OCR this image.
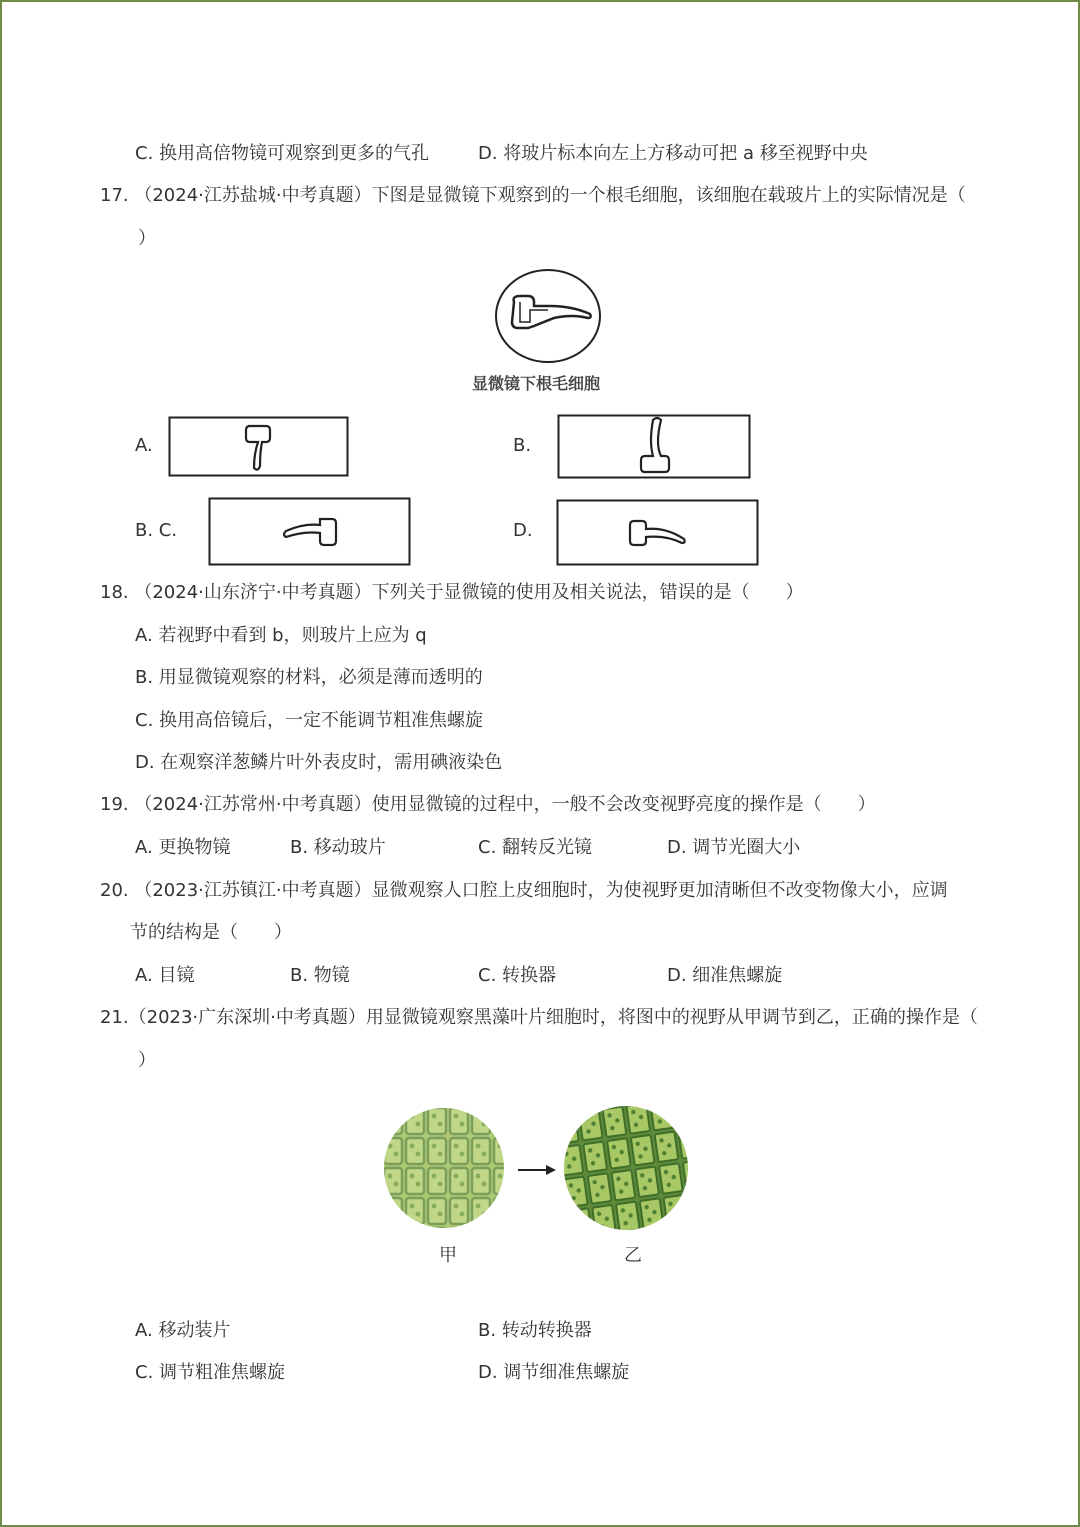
C. 换用高倍物镜可观察到更多的气孔	D. 将玻片标本向左上方移动可把 a 移至视野中央
17. （2024·江苏盐城·中考真题）下图是显微镜下观察到的一个根毛细胞，该细胞在载玻片上的实际情况是（
）
显微镜下根毛细胞
A.	B.
B. C.	D.
18. （2024·山东济宁·中考真题）下列关于显微镜的使用及相关说法，错误的是（　　）
A. 若视野中看到 b，则玻片上应为 q
B. 用显微镜观察的材料，必须是薄而透明的
C. 换用高倍镜后，一定不能调节粗准焦螺旋
D. 在观察洋葱鳞片叶外表皮时，需用碘液染色
19. （2024·江苏常州·中考真题）使用显微镜的过程中，一般不会改变视野亮度的操作是（　　）
A. 更换物镜	B. 移动玻片	C. 翻转反光镜	D. 调节光圈大小
20. （2023·江苏镇江·中考真题）显微观察人口腔上皮细胞时，为使视野更加清晰但不改变物像大小，应调
节的结构是（　　）
A. 目镜	B. 物镜	C. 转换器	D. 细准焦螺旋
21.（2023·广东深圳·中考真题）用显微镜观察黑藻叶片细胞时，将图中的视野从甲调节到乙，正确的操作是（
）
甲	乙
A. 移动装片	B. 转动转换器
C. 调节粗准焦螺旋	D. 调节细准焦螺旋
